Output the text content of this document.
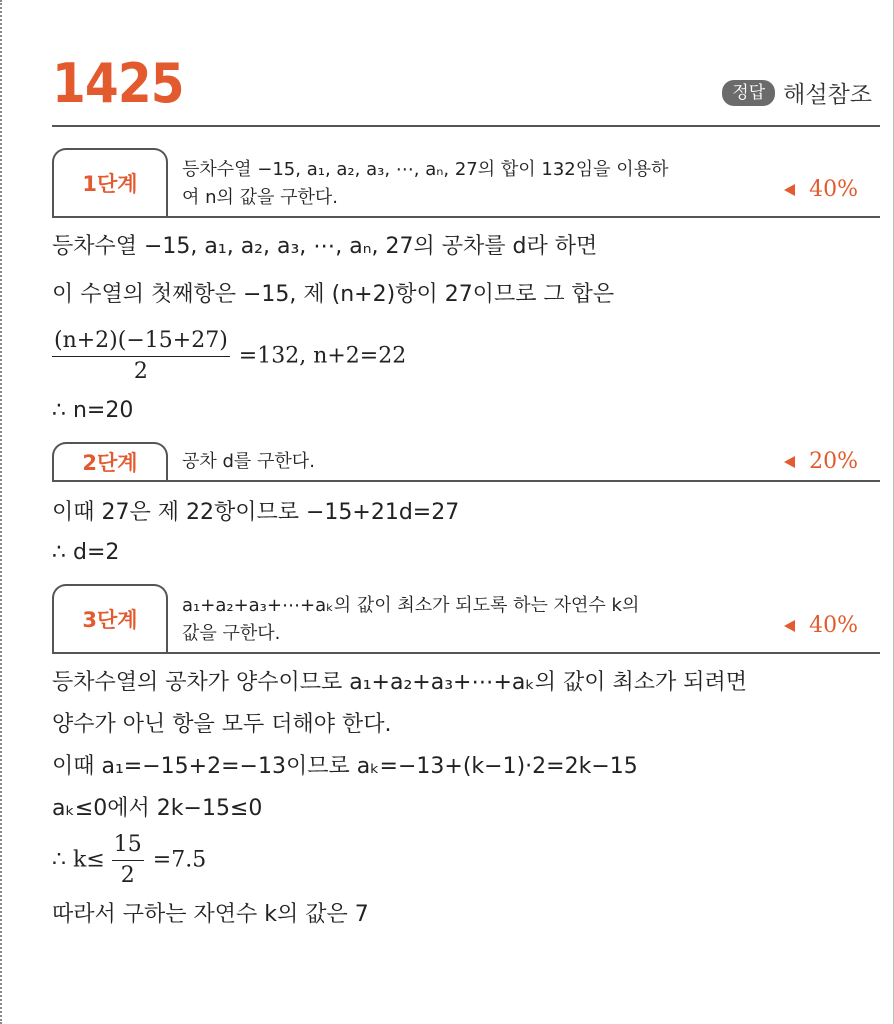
1425	정답 해설참조
1단계
등차수열 −15, a₁, a₂, a₃, ⋯, aₙ, 27의 합이 132임을 이용하
여 n의 값을 구한다.	40%
등차수열 −15, a₁, a₂, a₃, ⋯, aₙ, 27의 공차를 d라 하면
이 수열의 첫째항은 −15, 제 (n+2)항이 27이므로 그 합은
$\frac{(n+2)(-15+27)}{2} =132$, n+2=22
∴ n=20
2단계	공차 d를 구한다.	20%
이때 27은 제 22항이므로 −15+21d=27
∴ d=2
3단계
a₁+a₂+a₃+⋯+aₖ의 값이 최소가 되도록 하는 자연수 k의
값을 구한다.	40%
등차수열의 공차가 양수이므로 a₁+a₂+a₃+⋯+aₖ의 값이 최소가 되려면
양수가 아닌 항을 모두 더해야 한다.
이때 a₁=−15+2=−13이므로 aₖ=−13+(k−1)·2=2k−15
aₖ≤0에서 2k−15≤0
∴ $k\le \frac{15}{2} =7.5$
따라서 구하는 자연수 k의 값은 7
